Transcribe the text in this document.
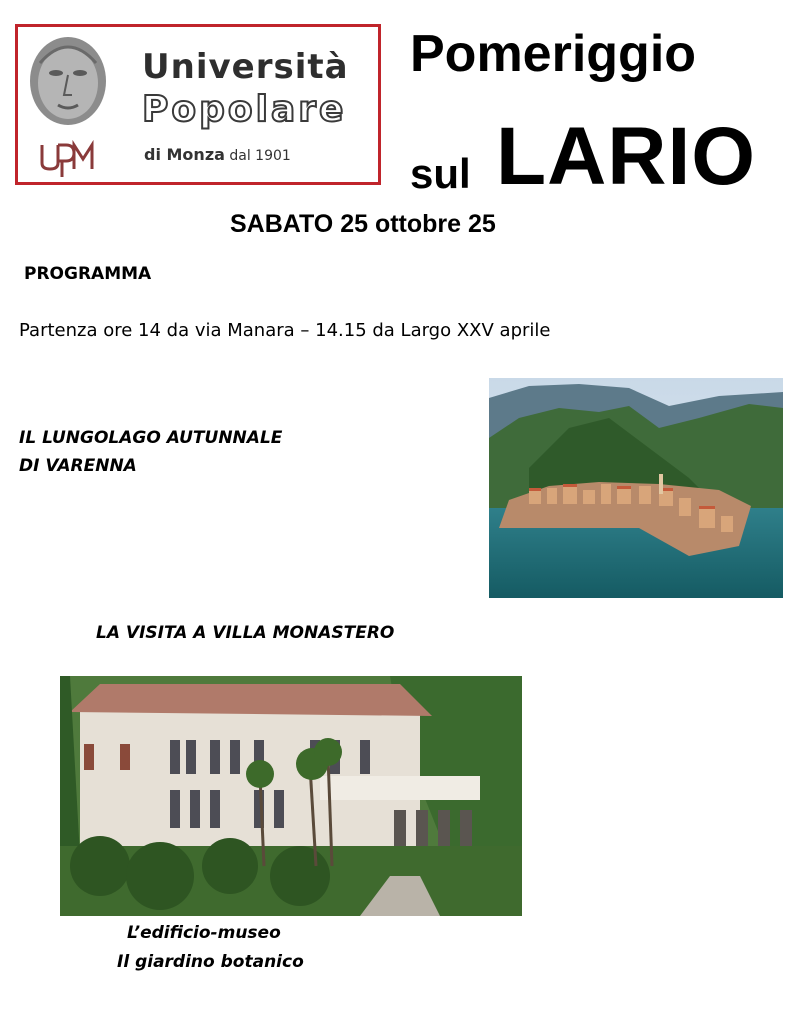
Università
Popolare
di Monza dal 1901
Pomeriggio
sul LARIO
SABATO 25 ottobre 25
PROGRAMMA
Partenza ore 14 da via Manara – 14.15 da Largo XXV aprile
IL LUNGOLAGO AUTUNNALE
DI VARENNA
LA VISITA A VILLA MONASTERO
L’edificio-museo
Il giardino botanico
